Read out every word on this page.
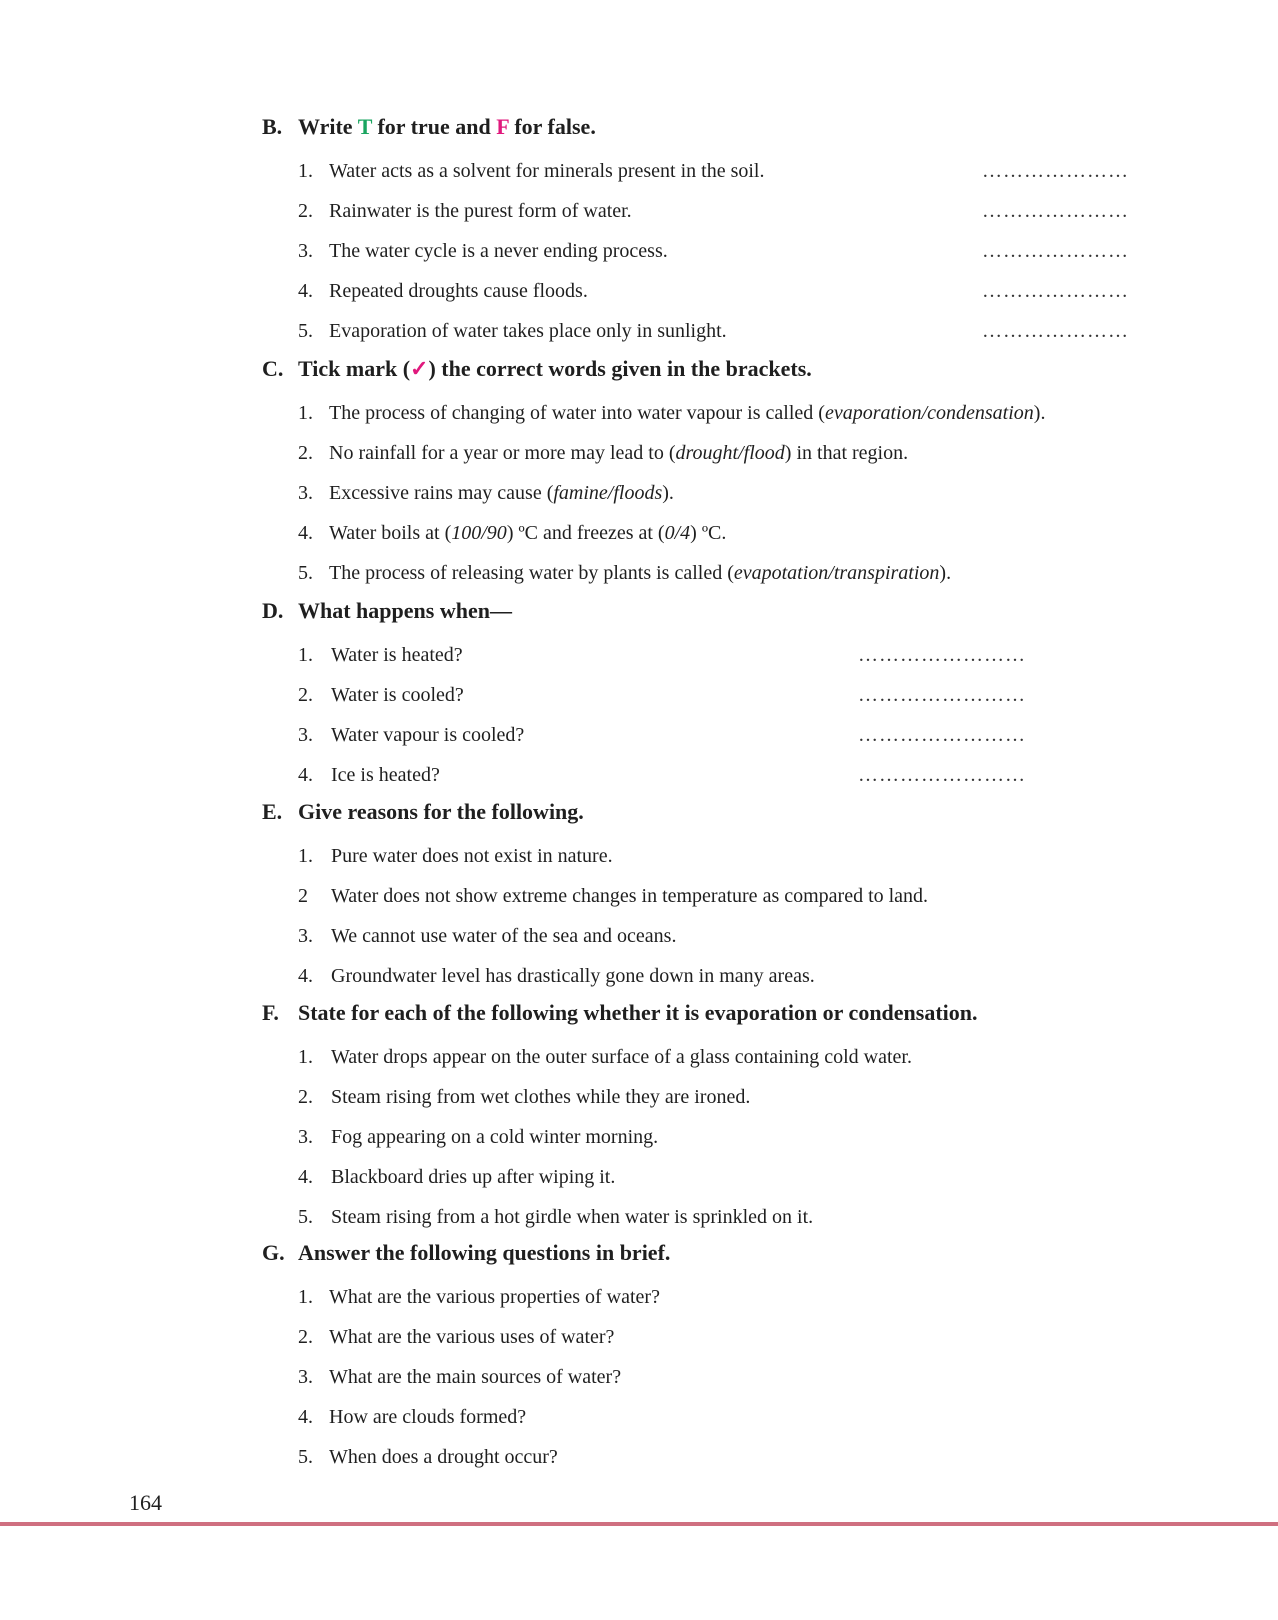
B. Write T for true and F for false.
1. Water acts as a solvent for minerals present in the soil.	…………………
2. Rainwater is the purest form of water.	…………………
3. The water cycle is a never ending process.	…………………
4. Repeated droughts cause floods.	…………………
5. Evaporation of water takes place only in sunlight.	…………………
C. Tick mark (✓) the correct words given in the brackets.
1. The process of changing of water into water vapour is called (evaporation/condensation).
2. No rainfall for a year or more may lead to (drought/flood) in that region.
3. Excessive rains may cause (famine/floods).
4. Water boils at (100/90) ºC and freezes at (0/4) ºC.
5. The process of releasing water by plants is called (evapotation/transpiration).
D. What happens when—
1. Water is heated?	……………………
2. Water is cooled?	……………………
3. Water vapour is cooled?	……………………
4. Ice is heated?	……………………
E. Give reasons for the following.
1. Pure water does not exist in nature.
2 Water does not show extreme changes in temperature as compared to land.
3. We cannot use water of the sea and oceans.
4. Groundwater level has drastically gone down in many areas.
F. State for each of the following whether it is evaporation or condensation.
1. Water drops appear on the outer surface of a glass containing cold water.
2. Steam rising from wet clothes while they are ironed.
3. Fog appearing on a cold winter morning.
4. Blackboard dries up after wiping it.
5. Steam rising from a hot girdle when water is sprinkled on it.
G. Answer the following questions in brief.
1. What are the various properties of water?
2. What are the various uses of water?
3. What are the main sources of water?
4. How are clouds formed?
5. When does a drought occur?
164
